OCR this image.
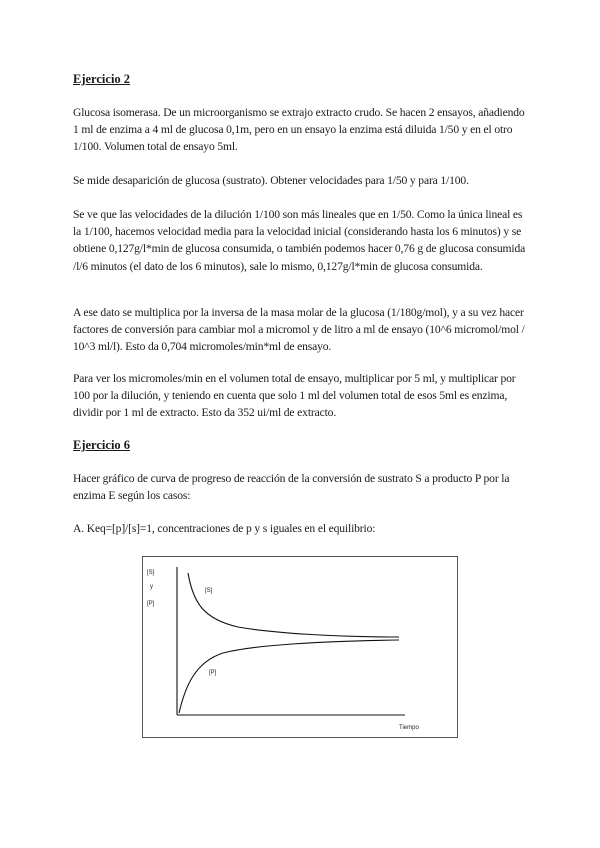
Ejercicio 2
Glucosa isomerasa. De un microorganismo se extrajo extracto crudo. Se hacen 2 ensayos, añadiendo 1 ml de enzima a 4 ml de glucosa 0,1m, pero en un ensayo la enzima está diluida 1/50 y en el otro 1/100. Volumen total de ensayo 5ml.
Se mide desaparición de glucosa (sustrato). Obtener velocidades para 1/50 y para 1/100.
Se ve que las velocidades de la dilución 1/100 son más lineales que en 1/50. Como la única lineal es la 1/100, hacemos velocidad media para la velocidad inicial (considerando hasta los 6 minutos) y se obtiene 0,127g/l*min de glucosa consumida, o también podemos hacer 0,76 g de glucosa consumida /l/6 minutos (el dato de los 6 minutos), sale lo mismo, 0,127g/l*min de glucosa consumida.
A ese dato se multiplica por la inversa de la masa molar de la glucosa (1/180g/mol), y a su vez hacer factores de conversión para cambiar mol a micromol y de litro a ml de ensayo (10^6 micromol/mol / 10^3 ml/l). Esto da 0,704 micromoles/min*ml de ensayo.
Para ver los micromoles/min en el volumen total de ensayo, multiplicar por 5 ml, y multiplicar por 100 por la dilución, y teniendo en cuenta que solo 1 ml del volumen total de esos 5ml es enzima, dividir por 1 ml de extracto. Esto da 352 ui/ml de extracto.
Ejercicio 6
Hacer gráfico de curva de progreso de reacción de la conversión de sustrato S a producto P por la enzima E según los casos:
A. Keq=[p]/[s]=1, concentraciones de p y s iguales en el equilibrio:
[S]
y
[P]
[S]
[P]
Tiempo
